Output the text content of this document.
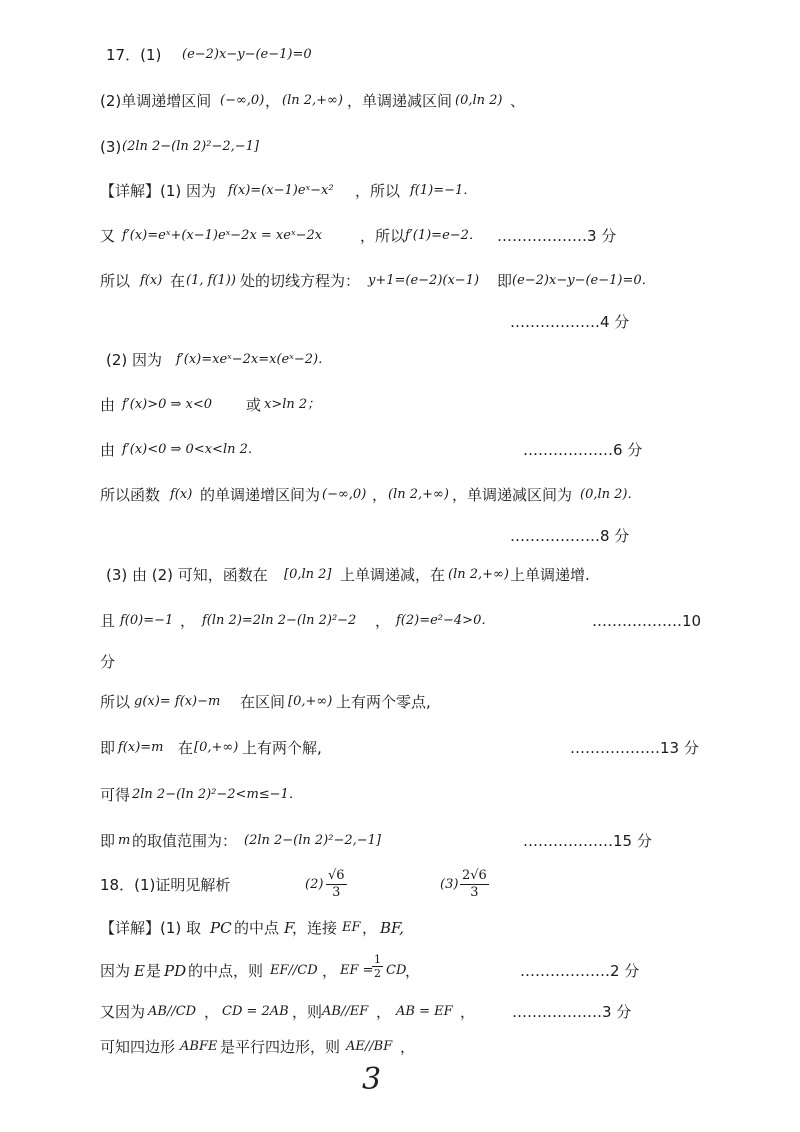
17．(1) (e−2)x−y−(e−1)=0
(2)单调递增区间 (−∞,0) ， (ln 2,+∞) ，单调递减区间 (0,ln 2) 、
(3) (2ln 2−(ln 2)²−2,−1]
【详解】(1) 因为 f(x)=(x−1)eˣ−x² ，所以 f(1)=−1．
又 f′(x)=eˣ+(x−1)eˣ−2x = xeˣ−2x	，所以 f′(1)=e−2． ………………3 分
所以 f(x) 在 (1, f(1)) 处的切线方程为： y+1=(e−2)(x−1) 即 (e−2)x−y−(e−1)=0．
………………4 分
(2) 因为 f′(x)=xeˣ−2x=x(eˣ−2)．
由 f′(x)>0 ⇒ x<0 或 x>ln 2；
由 f′(x)<0 ⇒ 0<x<ln 2．	………………6 分
所以函数 f(x) 的单调递增区间为 (−∞,0) ， (ln 2,+∞) ，单调递减区间为 (0,ln 2)．
………………8 分
(3) 由 (2) 可知，函数在 [0,ln 2] 上单调递减，在 (ln 2,+∞) 上单调递增.
且 f(0)=−1 ， f(ln 2)=2ln 2−(ln 2)²−2 ， f(2)=e²−4>0．	………………10
分
所以 g(x)= f(x)−m 在区间 [0,+∞) 上有两个零点,
即 f(x)=m 在 [0,+∞) 上有两个解,	………………13 分
可得 2ln 2−(ln 2)²−2<m≤−1．
即 m 的取值范围为： (2ln 2−(ln 2)²−2,−1]	………………15 分
18．(1)证明见解析	$(2) \frac{√6}{3}$	$(3) \frac{2√6}{3}$
【详解】(1) 取 PC 的中点 F
，连接 EF ， BF,
因为 E 是 PD 的中点，则 EF//CD ， EF =
$\frac{1}{2}$ CD
，	………………2 分
又因为 AB//CD ， CD = 2AB ，则 AB//EF ， AB = EF ， ………………3 分
可知四边形 ABFE 是平行四边形，则 AE//BF ，
3
